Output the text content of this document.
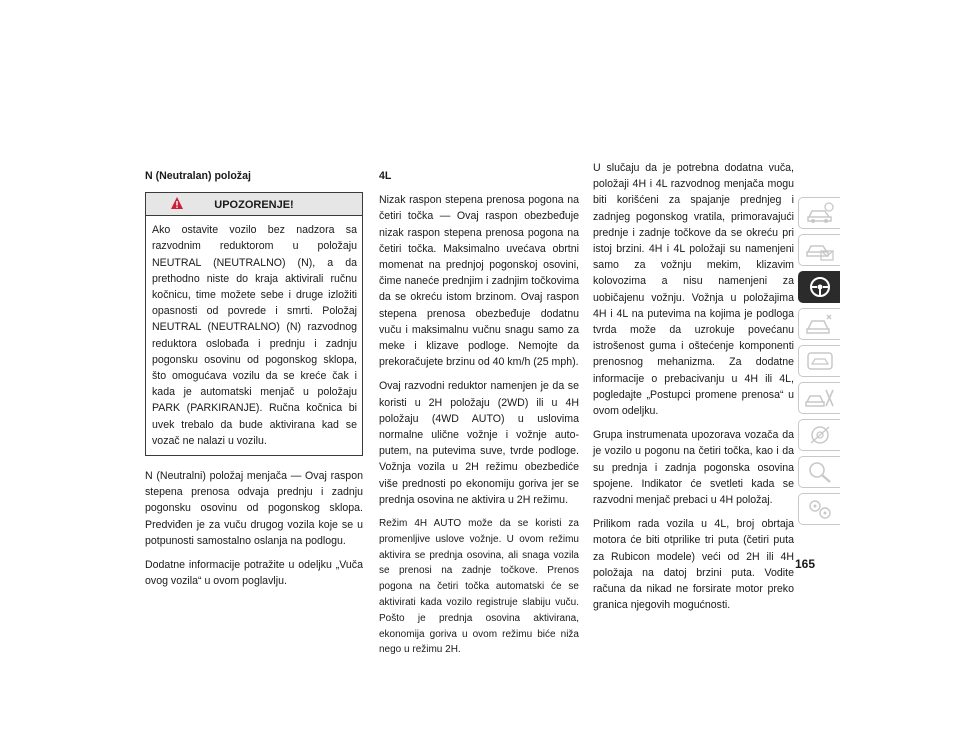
N (Neutralan) položaj

UPOZORENJE!

Ako ostavite vozilo bez nadzora sa razvodnim reduktorom u položaju NEUTRAL (NEUTRALNO) (N), a da prethodno niste do kraja aktivirali ručnu kočnicu, time možete sebe i druge izložiti opasnosti od povrede i smrti. Položaj NEUTRAL (NEUTRALNO) (N) razvodnog reduktora oslobađa i prednju i zadnju pogonsku osovinu od pogonskog sklopa, što omogućava vozilu da se kreće čak i kada je automatski menjač u položaju PARK (PARKIRANJE). Ručna kočnica bi uvek trebalo da bude aktivirana kad se vozač ne nalazi u vozilu.

N (Neutralni) položaj menjača — Ovaj raspon stepena prenosa odvaja prednju i zadnju pogonsku osovinu od pogonskog sklopa. Predviđen je za vuču drugog vozila koje se u potpunosti samostalno oslanja na podlogu.

Dodatne informacije potražite u odeljku „Vuča ovog vozila“ u ovom poglavlju.

4L

Nizak raspon stepena prenosa pogona na četiri točka — Ovaj raspon obezbeđuje nizak raspon stepena prenosa pogona na četiri točka. Maksimalno uvećava obrtni momenat na prednjoj pogonskoj osovini, čime naneće prednjim i zadnjim točkovima da se okreću istom brzinom. Ovaj raspon stepena prenosa obezbeđuje dodatnu vuču i maksimalnu vučnu snagu samo za meke i klizave podloge. Nemojte da prekoračujete brzinu od 40 km/h (25 mph).

Ovaj razvodni reduktor namenjen je da se koristi u 2H položaju (2WD) ili u 4H položaju (4WD AUTO) u uslovima normalne ulične vožnje i vožnje auto-putem, na putevima suve, tvrde podloge. Vožnja vozila u 2H režimu obezbediće više prednosti po ekonomiju goriva jer se prednja osovina ne aktivira u 2H režimu.

Režim 4H AUTO može da se koristi za promenljive uslove vožnje. U ovom režimu aktivira se prednja osovina, ali snaga vozila se prenosi na zadnje točkove. Prenos pogona na četiri točka automatski će se aktivirati kada vozilo registruje slabiju vuču. Pošto je prednja osovina aktivirana, ekonomija goriva u ovom režimu biće niža nego u režimu 2H.

U slučaju da je potrebna dodatna vuča, položaji 4H i 4L razvodnog menjača mogu biti korišćeni za spajanje prednjeg i zadnjeg pogonskog vratila, primoravajući prednje i zadnje točkove da se okreću pri istoj brzini. 4H i 4L položaji su namenjeni samo za vožnju mekim, klizavim kolovozima a nisu namenjeni za uobičajenu vožnju. Vožnja u položajima 4H i 4L na putevima na kojima je podloga tvrda može da uzrokuje povećanu istrošenost guma i oštećenje komponenti prenosnog mehanizma. Za dodatne informacije o prebacivanju u 4H ili 4L, pogledajte „Postupci promene prenosa“ u ovom odeljku.

Grupa instrumenata upozorava vozača da je vozilo u pogonu na četiri točka, kao i da su prednja i zadnja pogonska osovina spojene. Indikator će svetleti kada se razvodni menjač prebaci u 4H položaj.

Prilikom rada vozila u 4L, broj obrtaja motora će biti otprilike tri puta (četiri puta za Rubicon modele) veći od 2H ili 4H položaja na datoj brzini puta. Vodite računa da nikad ne forsirate motor preko granica njegovih mogućnosti.

165
